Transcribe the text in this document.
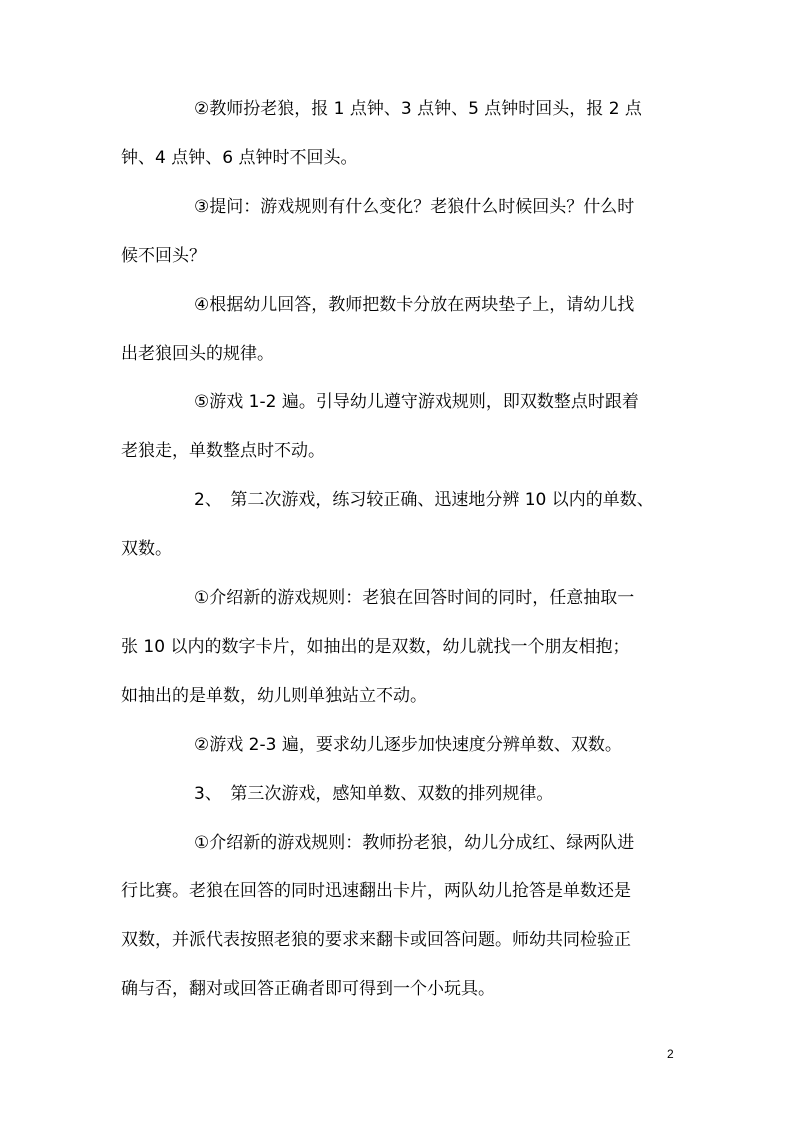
②教师扮老狼，报 1 点钟、3 点钟、5 点钟时回头，报 2 点
钟、4 点钟、6 点钟时不回头。
③提问：游戏规则有什么变化？老狼什么时候回头？什么时
候不回头？
④根据幼儿回答，教师把数卡分放在两块垫子上，请幼儿找
出老狼回头的规律。
⑤游戏 1-2 遍。引导幼儿遵守游戏规则，即双数整点时跟着
老狼走，单数整点时不动。
2、　第二次游戏，练习较正确、迅速地分辨 10 以内的单数、
双数。
①介绍新的游戏规则：老狼在回答时间的同时，任意抽取一
张 10 以内的数字卡片，如抽出的是双数，幼儿就找一个朋友相抱；
如抽出的是单数，幼儿则单独站立不动。
②游戏 2-3 遍，要求幼儿逐步加快速度分辨单数、双数。
3、　第三次游戏，感知单数、双数的排列规律。
①介绍新的游戏规则：教师扮老狼，幼儿分成红、绿两队进
行比赛。老狼在回答的同时迅速翻出卡片，两队幼儿抢答是单数还是
双数，并派代表按照老狼的要求来翻卡或回答问题。师幼共同检验正
确与否，翻对或回答正确者即可得到一个小玩具。
2
